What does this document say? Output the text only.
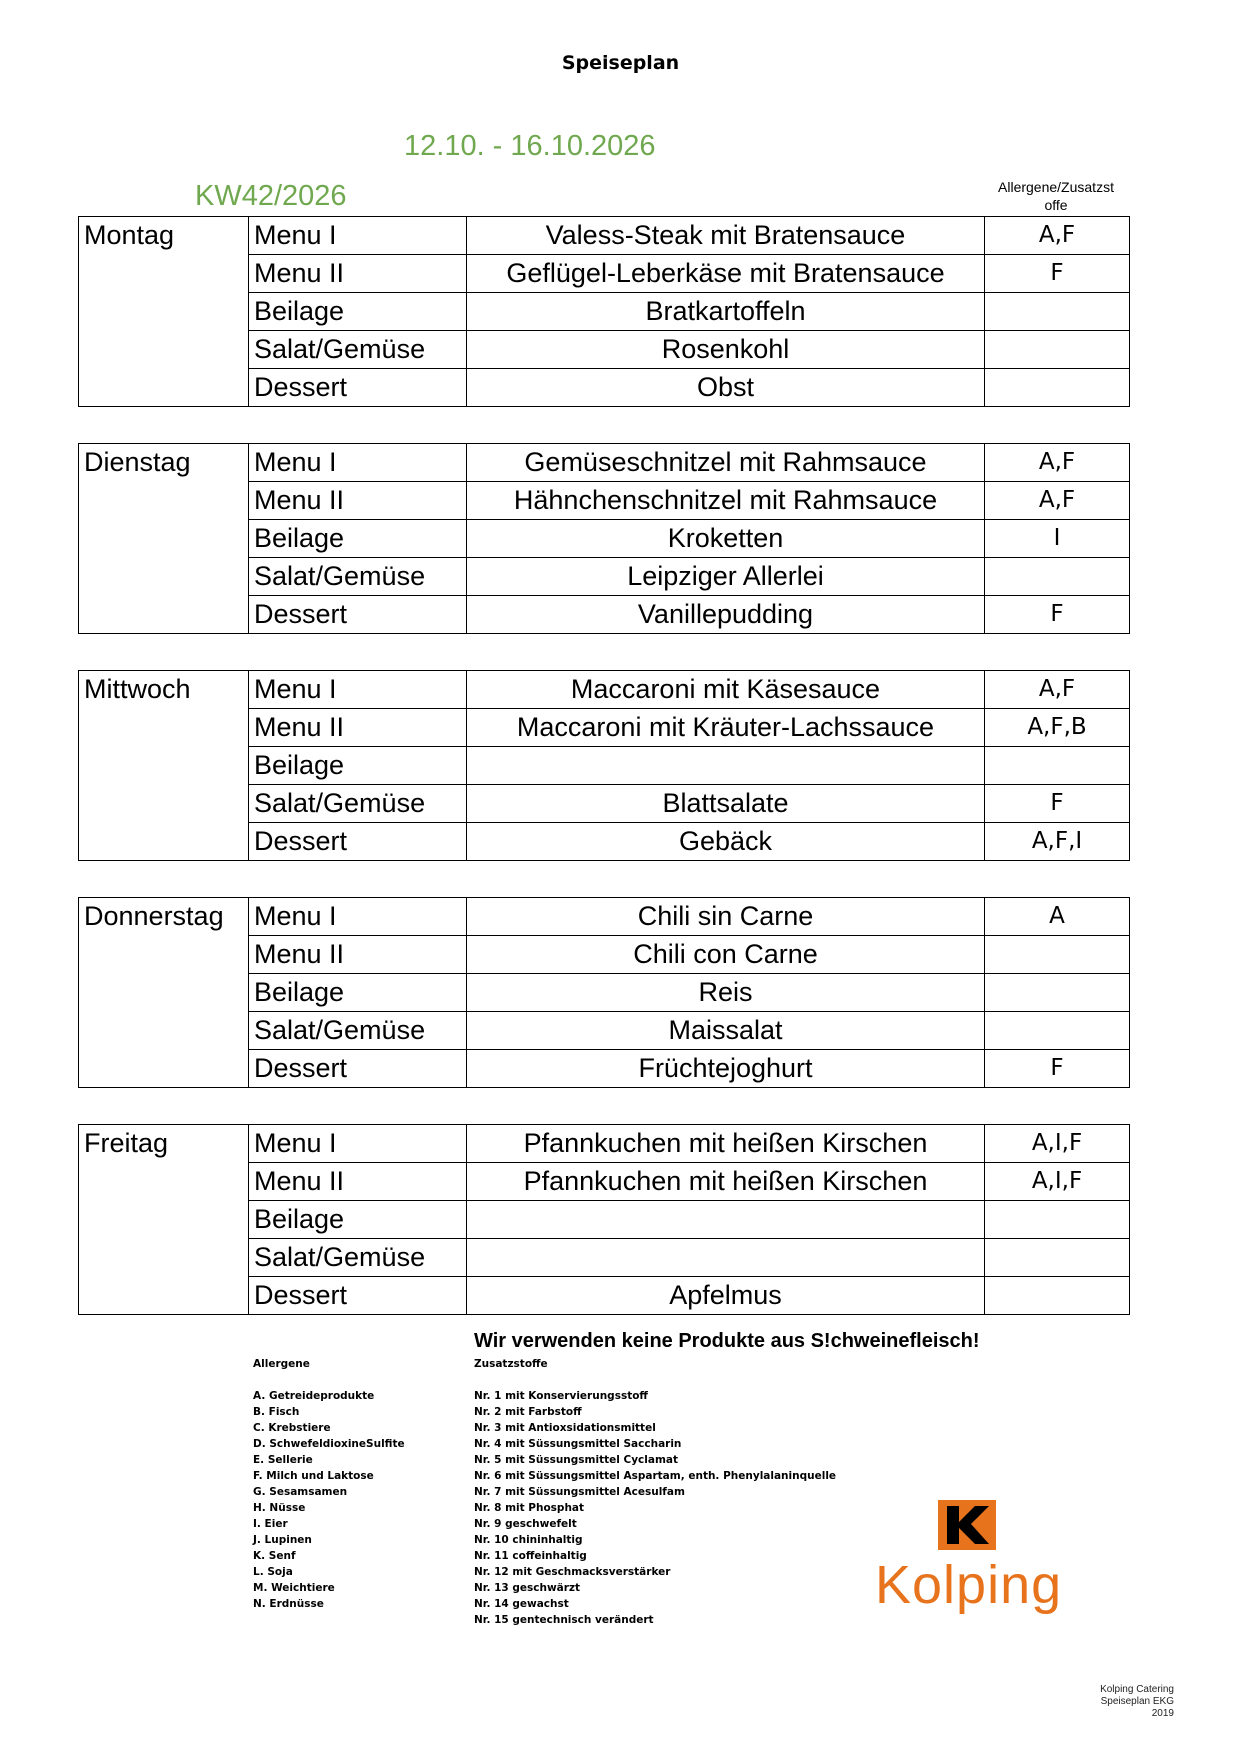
Speiseplan
12.10. - 16.10.2026
KW42/2026	Allergene/Zusatzst offe
Montag	Menu I	Valess-Steak mit Bratensauce	A,F
	Menu II	Geflügel-Leberkäse mit Bratensauce	F
	Beilage	Bratkartoffeln	
	Salat/Gemüse	Rosenkohl	
	Dessert	Obst	
Dienstag	Menu I	Gemüseschnitzel mit Rahmsauce	A,F
	Menu II	Hähnchenschnitzel mit Rahmsauce	A,F
	Beilage	Kroketten	I
	Salat/Gemüse	Leipziger Allerlei	
	Dessert	Vanillepudding	F
Mittwoch	Menu I	Maccaroni mit Käsesauce	A,F
	Menu II	Maccaroni mit Kräuter-Lachssauce	A,F,B
	Beilage		
	Salat/Gemüse	Blattsalate	F
	Dessert	Gebäck	A,F,I
Donnerstag	Menu I	Chili sin Carne	A
	Menu II	Chili con Carne	
	Beilage	Reis	
	Salat/Gemüse	Maissalat	
	Dessert	Früchtejoghurt	F
Freitag	Menu I	Pfannkuchen mit heißen Kirschen	A,I,F
	Menu II	Pfannkuchen mit heißen Kirschen	A,I,F
	Beilage		
	Salat/Gemüse		
	Dessert	Apfelmus	
Wir verwenden keine Produkte aus S!chweinefleisch!
Allergene
A. Getreideprodukte
B. Fisch
C. Krebstiere
D. SchwefeldioxineSulfite
E. Sellerie
F. Milch und Laktose
G. Sesamsamen
H. Nüsse
I. Eier
J. Lupinen
K. Senf
L. Soja
M. Weichtiere
N. Erdnüsse
Zusatzstoffe
Nr. 1 mit Konservierungsstoff
Nr. 2 mit Farbstoff
Nr. 3 mit Antioxsidationsmittel
Nr. 4 mit Süssungsmittel Saccharin
Nr. 5 mit Süssungsmittel Cyclamat
Nr. 6 mit Süssungsmittel Aspartam, enth. Phenylalaninquelle
Nr. 7 mit Süssungsmittel Acesulfam
Nr. 8 mit Phosphat
Nr. 9 geschwefelt
Nr. 10 chininhaltig
Nr. 11 coffeinhaltig
Nr. 12 mit Geschmacksverstärker
Nr. 13 geschwärzt
Nr. 14 gewachst
Nr. 15 gentechnisch verändert
Kolping
Kolping Catering
Speiseplan EKG
2019
